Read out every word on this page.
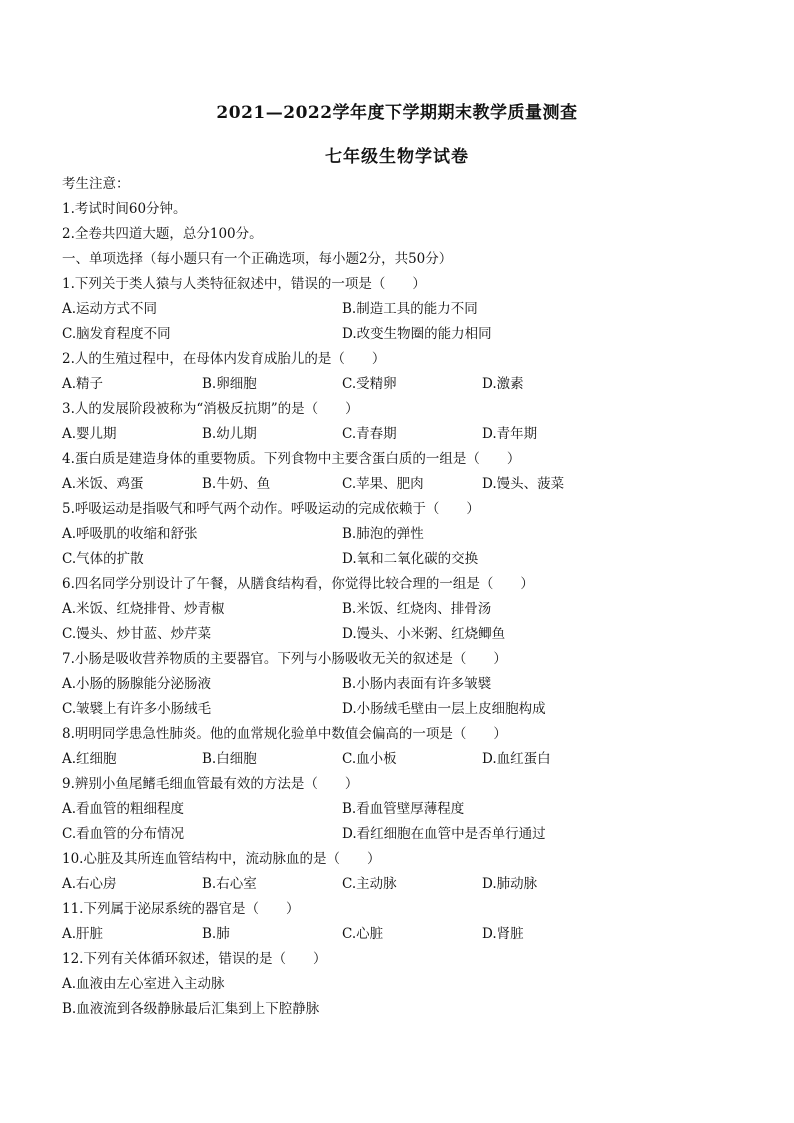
2021—2022学年度下学期期末教学质量测查
七年级生物学试卷
考生注意：
1.考试时间60分钟。
2.全卷共四道大题，总分100分。
一、单项选择（每小题只有一个正确选项，每小题2分，共50分）
1.下列关于类人猿与人类特征叙述中，错误的一项是（　　）
A.运动方式不同	B.制造工具的能力不同
C.脑发育程度不同	D.改变生物圈的能力相同
2.人的生殖过程中，在母体内发育成胎儿的是（　　）
A.精子	B.卵细胞	C.受精卵	D.激素
3.人的发展阶段被称为“消极反抗期”的是（　　）
A.婴儿期	B.幼儿期	C.青春期	D.青年期
4.蛋白质是建造身体的重要物质。下列食物中主要含蛋白质的一组是（　　）
A.米饭、鸡蛋	B.牛奶、鱼	C.苹果、肥肉	D.馒头、菠菜
5.呼吸运动是指吸气和呼气两个动作。呼吸运动的完成依赖于（　　）
A.呼吸肌的收缩和舒张	B.肺泡的弹性
C.气体的扩散	D.氧和二氧化碳的交换
6.四名同学分别设计了午餐，从膳食结构看，你觉得比较合理的一组是（　　）
A.米饭、红烧排骨、炒青椒	B.米饭、红烧肉、排骨汤
C.馒头、炒甘蓝、炒芹菜	D.馒头、小米粥、红烧鲫鱼
7.小肠是吸收营养物质的主要器官。下列与小肠吸收无关的叙述是（　　）
A.小肠的肠腺能分泌肠液	B.小肠内表面有许多皱襞
C.皱襞上有许多小肠绒毛	D.小肠绒毛壁由一层上皮细胞构成
8.明明同学患急性肺炎。他的血常规化验单中数值会偏高的一项是（　　）
A.红细胞	B.白细胞	C.血小板	D.血红蛋白
9.辨别小鱼尾鳍毛细血管最有效的方法是（　　）
A.看血管的粗细程度	B.看血管壁厚薄程度
C.看血管的分布情况	D.看红细胞在血管中是否单行通过
10.心脏及其所连血管结构中，流动脉血的是（　　）
A.右心房	B.右心室	C.主动脉	D.肺动脉
11.下列属于泌尿系统的器官是（　　）
A.肝脏	B.肺	C.心脏	D.肾脏
12.下列有关体循环叙述，错误的是（　　）
A.血液由左心室进入主动脉
B.血液流到各级静脉最后汇集到上下腔静脉
